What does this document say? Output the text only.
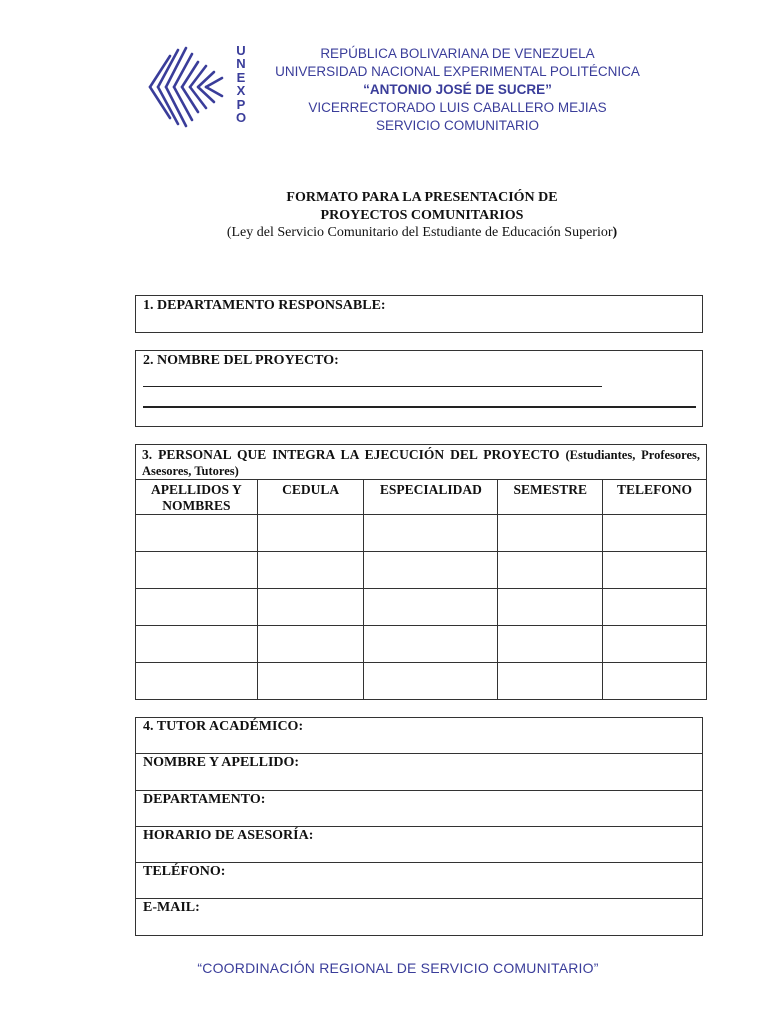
U
N
E
X
P
O
REPÚBLICA BOLIVARIANA DE VENEZUELA
UNIVERSIDAD NACIONAL EXPERIMENTAL POLITÉCNICA
“ANTONIO JOSÉ DE SUCRE”
VICERRECTORADO LUIS CABALLERO MEJIAS
SERVICIO COMUNITARIO
FORMATO PARA LA PRESENTACIÓN DE
PROYECTOS COMUNITARIOS
(Ley del Servicio Comunitario del Estudiante de Educación Superior)
1. DEPARTAMENTO RESPONSABLE:
2. NOMBRE DEL PROYECTO:
3. PERSONAL QUE INTEGRA LA EJECUCIÓN DEL PROYECTO (Estudiantes, Profesores, Asesores, Tutores)				
APELLIDOS Y NOMBRES	CEDULA	ESPECIALIDAD	SEMESTRE	TELEFONO

4. TUTOR ACADÉMICO:
NOMBRE Y APELLIDO:
DEPARTAMENTO:
HORARIO DE ASESORÍA:
TELÉFONO:
E-MAIL:
“COORDINACIÓN REGIONAL DE SERVICIO COMUNITARIO”
